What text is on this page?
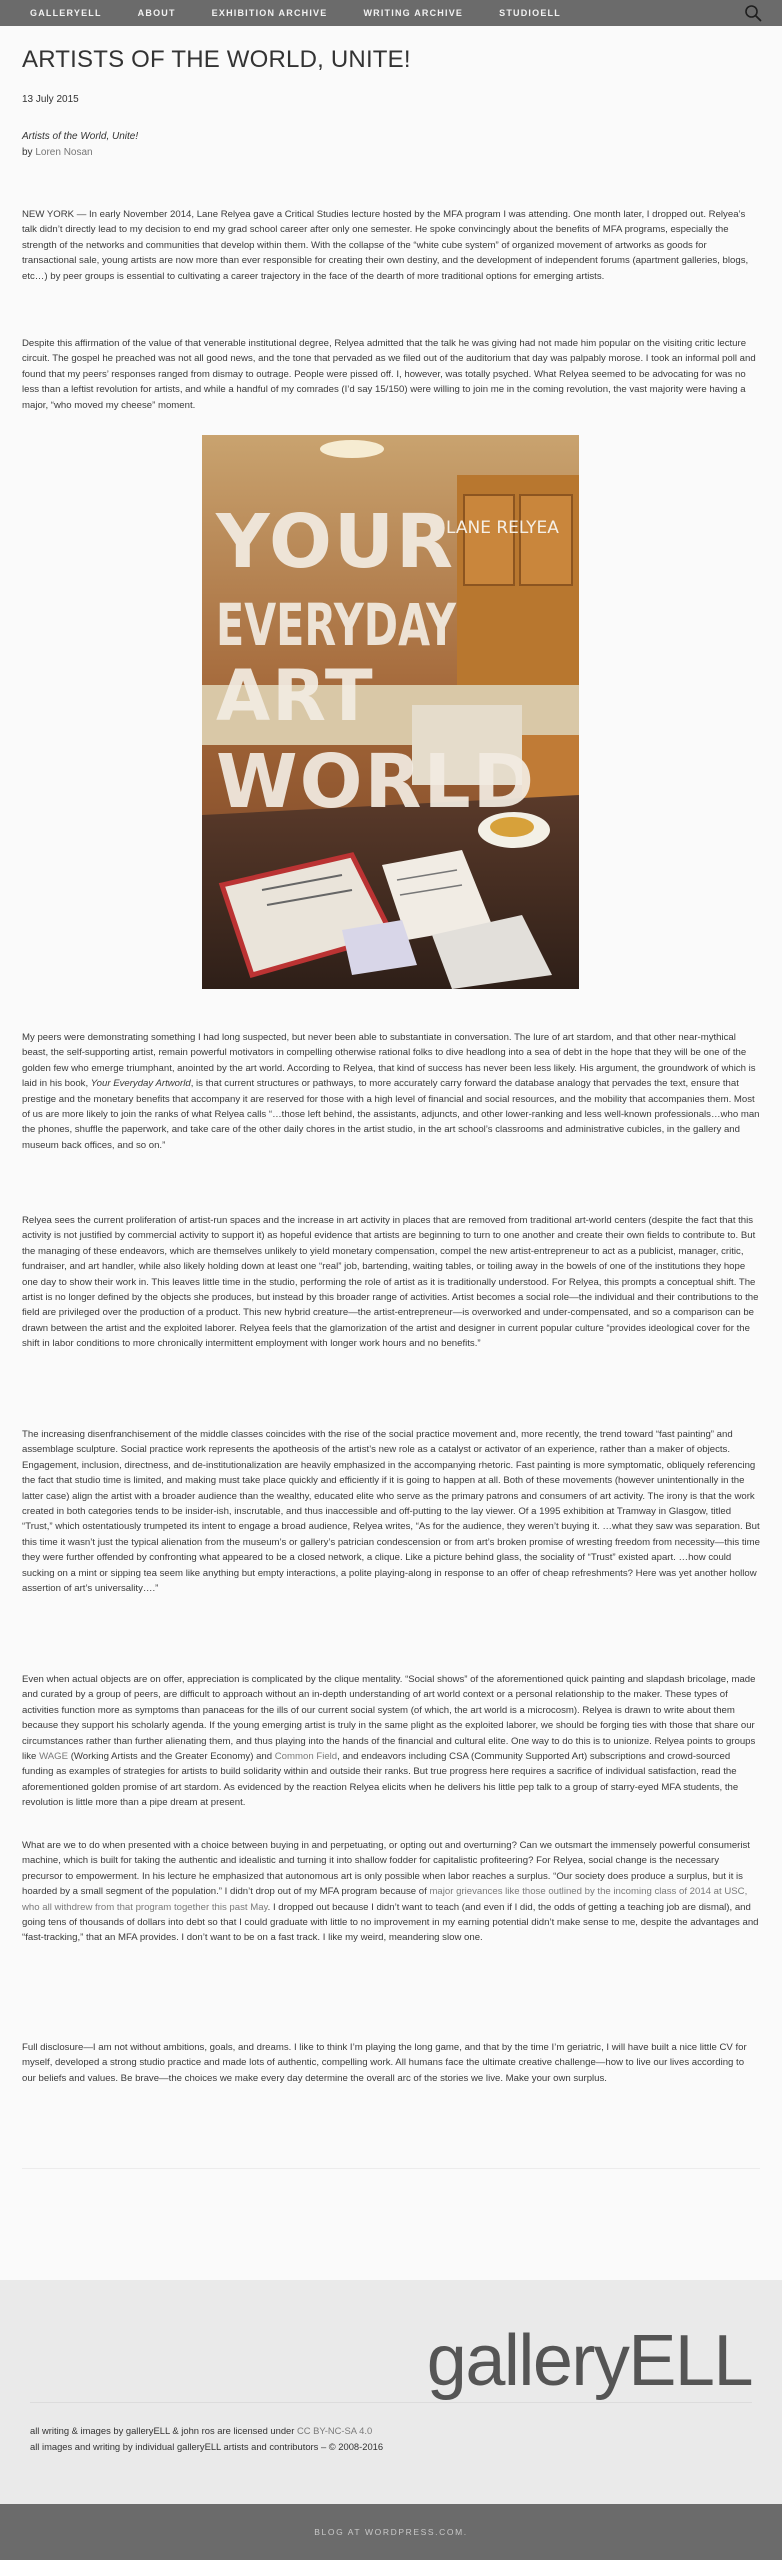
GALLERYELL	ABOUT	EXHIBITION ARCHIVE	WRITING ARCHIVE	STUDIOELL
ARTISTS OF THE WORLD, UNITE!
13 July 2015
Artists of the World, Unite!
by Loren Nosan

NEW YORK — In early November 2014, Lane Relyea gave a Critical Studies lecture hosted by the MFA program I was attending. One month later, I dropped out. Relyea’s talk didn’t directly lead to my decision to end my grad school career after only one semester. He spoke convincingly about the benefits of MFA programs, especially the strength of the networks and communities that develop within them. With the collapse of the “white cube system” of organized movement of artworks as goods for transactional sale, young artists are now more than ever responsible for creating their own destiny, and the development of independent forums (apartment galleries, blogs, etc…) by peer groups is essential to cultivating a career trajectory in the face of the dearth of more traditional options for emerging artists.

Despite this affirmation of the value of that venerable institutional degree, Relyea admitted that the talk he was giving had not made him popular on the visiting critic lecture circuit. The gospel he preached was not all good news, and the tone that pervaded as we filed out of the auditorium that day was palpably morose. I took an informal poll and found that my peers’ responses ranged from dismay to outrage. People were pissed off. I, however, was totally psyched. What Relyea seemed to be advocating for was no less than a leftist revolution for artists, and while a handful of my comrades (I’d say 15/150) were willing to join me in the coming revolution, the vast majority were having a major, “who moved my cheese” moment.

YOUR
EVERYDAY
ART
WORLD
LANE RELYEA

My peers were demonstrating something I had long suspected, but never been able to substantiate in conversation. The lure of art stardom, and that other near-mythical beast, the self-supporting artist, remain powerful motivators in compelling otherwise rational folks to dive headlong into a sea of debt in the hope that they will be one of the golden few who emerge triumphant, anointed by the art world. According to Relyea, that kind of success has never been less likely. His argument, the groundwork of which is laid in his book, Your Everyday Artworld, is that current structures or pathways, to more accurately carry forward the database analogy that pervades the text, ensure that prestige and the monetary benefits that accompany it are reserved for those with a high level of financial and social resources, and the mobility that accompanies them. Most of us are more likely to join the ranks of what Relyea calls “…those left behind, the assistants, adjuncts, and other lower-ranking and less well-known professionals…who man the phones, shuffle the paperwork, and take care of the other daily chores in the artist studio, in the art school’s classrooms and administrative cubicles, in the gallery and museum back offices, and so on.”

Relyea sees the current proliferation of artist-run spaces and the increase in art activity in places that are removed from traditional art-world centers (despite the fact that this activity is not justified by commercial activity to support it) as hopeful evidence that artists are beginning to turn to one another and create their own fields to contribute to. But the managing of these endeavors, which are themselves unlikely to yield monetary compensation, compel the new artist-entrepreneur to act as a publicist, manager, critic, fundraiser, and art handler, while also likely holding down at least one “real” job, bartending, waiting tables, or toiling away in the bowels of one of the institutions they hope one day to show their work in. This leaves little time in the studio, performing the role of artist as it is traditionally understood. For Relyea, this prompts a conceptual shift. The artist is no longer defined by the objects she produces, but instead by this broader range of activities. Artist becomes a social role—the individual and their contributions to the field are privileged over the production of a product. This new hybrid creature—the artist-entrepreneur—is overworked and under-compensated, and so a comparison can be drawn between the artist and the exploited laborer. Relyea feels that the glamorization of the artist and designer in current popular culture “provides ideological cover for the shift in labor conditions to more chronically intermittent employment with longer work hours and no benefits.”

The increasing disenfranchisement of the middle classes coincides with the rise of the social practice movement and, more recently, the trend toward “fast painting” and assemblage sculpture. Social practice work represents the apotheosis of the artist’s new role as a catalyst or activator of an experience, rather than a maker of objects. Engagement, inclusion, directness, and de-institutionalization are heavily emphasized in the accompanying rhetoric. Fast painting is more symptomatic, obliquely referencing the fact that studio time is limited, and making must take place quickly and efficiently if it is going to happen at all. Both of these movements (however unintentionally in the latter case) align the artist with a broader audience than the wealthy, educated elite who serve as the primary patrons and consumers of art activity. The irony is that the work created in both categories tends to be insider-ish, inscrutable, and thus inaccessible and off-putting to the lay viewer. Of a 1995 exhibition at Tramway in Glasgow, titled “Trust,” which ostentatiously trumpeted its intent to engage a broad audience, Relyea writes, “As for the audience, they weren’t buying it. …what they saw was separation. But this time it wasn’t just the typical alienation from the museum’s or gallery’s patrician condescension or from art’s broken promise of wresting freedom from necessity—this time they were further offended by confronting what appeared to be a closed network, a clique. Like a picture behind glass, the sociality of “Trust” existed apart. …how could sucking on a mint or sipping tea seem like anything but empty interactions, a polite playing-along in response to an offer of cheap refreshments? Here was yet another hollow assertion of art’s universality….”

Even when actual objects are on offer, appreciation is complicated by the clique mentality. “Social shows” of the aforementioned quick painting and slapdash bricolage, made and curated by a group of peers, are difficult to approach without an in-depth understanding of art world context or a personal relationship to the maker. These types of activities function more as symptoms than panaceas for the ills of our current social system (of which, the art world is a microcosm). Relyea is drawn to write about them because they support his scholarly agenda. If the young emerging artist is truly in the same plight as the exploited laborer, we should be forging ties with those that share our circumstances rather than further alienating them, and thus playing into the hands of the financial and cultural elite. One way to do this is to unionize. Relyea points to groups like WAGE (Working Artists and the Greater Economy) and Common Field, and endeavors including CSA (Community Supported Art) subscriptions and crowd-sourced funding as examples of strategies for artists to build solidarity within and outside their ranks. But true progress here requires a sacrifice of individual satisfaction, read the aforementioned golden promise of art stardom. As evidenced by the reaction Relyea elicits when he delivers his little pep talk to a group of starry-eyed MFA students, the revolution is little more than a pipe dream at present.

What are we to do when presented with a choice between buying in and perpetuating, or opting out and overturning? Can we outsmart the immensely powerful consumerist machine, which is built for taking the authentic and idealistic and turning it into shallow fodder for capitalistic profiteering? For Relyea, social change is the necessary precursor to empowerment. In his lecture he emphasized that autonomous art is only possible when labor reaches a surplus. “Our society does produce a surplus, but it is hoarded by a small segment of the population.” I didn’t drop out of my MFA program because of major grievances like those outlined by the incoming class of 2014 at USC, who all withdrew from that program together this past May. I dropped out because I didn’t want to teach (and even if I did, the odds of getting a teaching job are dismal), and going tens of thousands of dollars into debt so that I could graduate with little to no improvement in my earning potential didn’t make sense to me, despite the advantages and “fast-tracking,” that an MFA provides. I don’t want to be on a fast track. I like my weird, meandering slow one.

Full disclosure—I am not without ambitions, goals, and dreams. I like to think I’m playing the long game, and that by the time I’m geriatric, I will have built a nice little CV for myself, developed a strong studio practice and made lots of authentic, compelling work. All humans face the ultimate creative challenge—how to live our lives according to our beliefs and values. Be brave—the choices we make every day determine the overall arc of the stories we live. Make your own surplus.

galleryELL
all writing & images by galleryELL & john ros are licensed under CC BY-NC-SA 4.0
all images and writing by individual galleryELL artists and contributors – © 2008-2016
BLOG AT WORDPRESS.COM.
